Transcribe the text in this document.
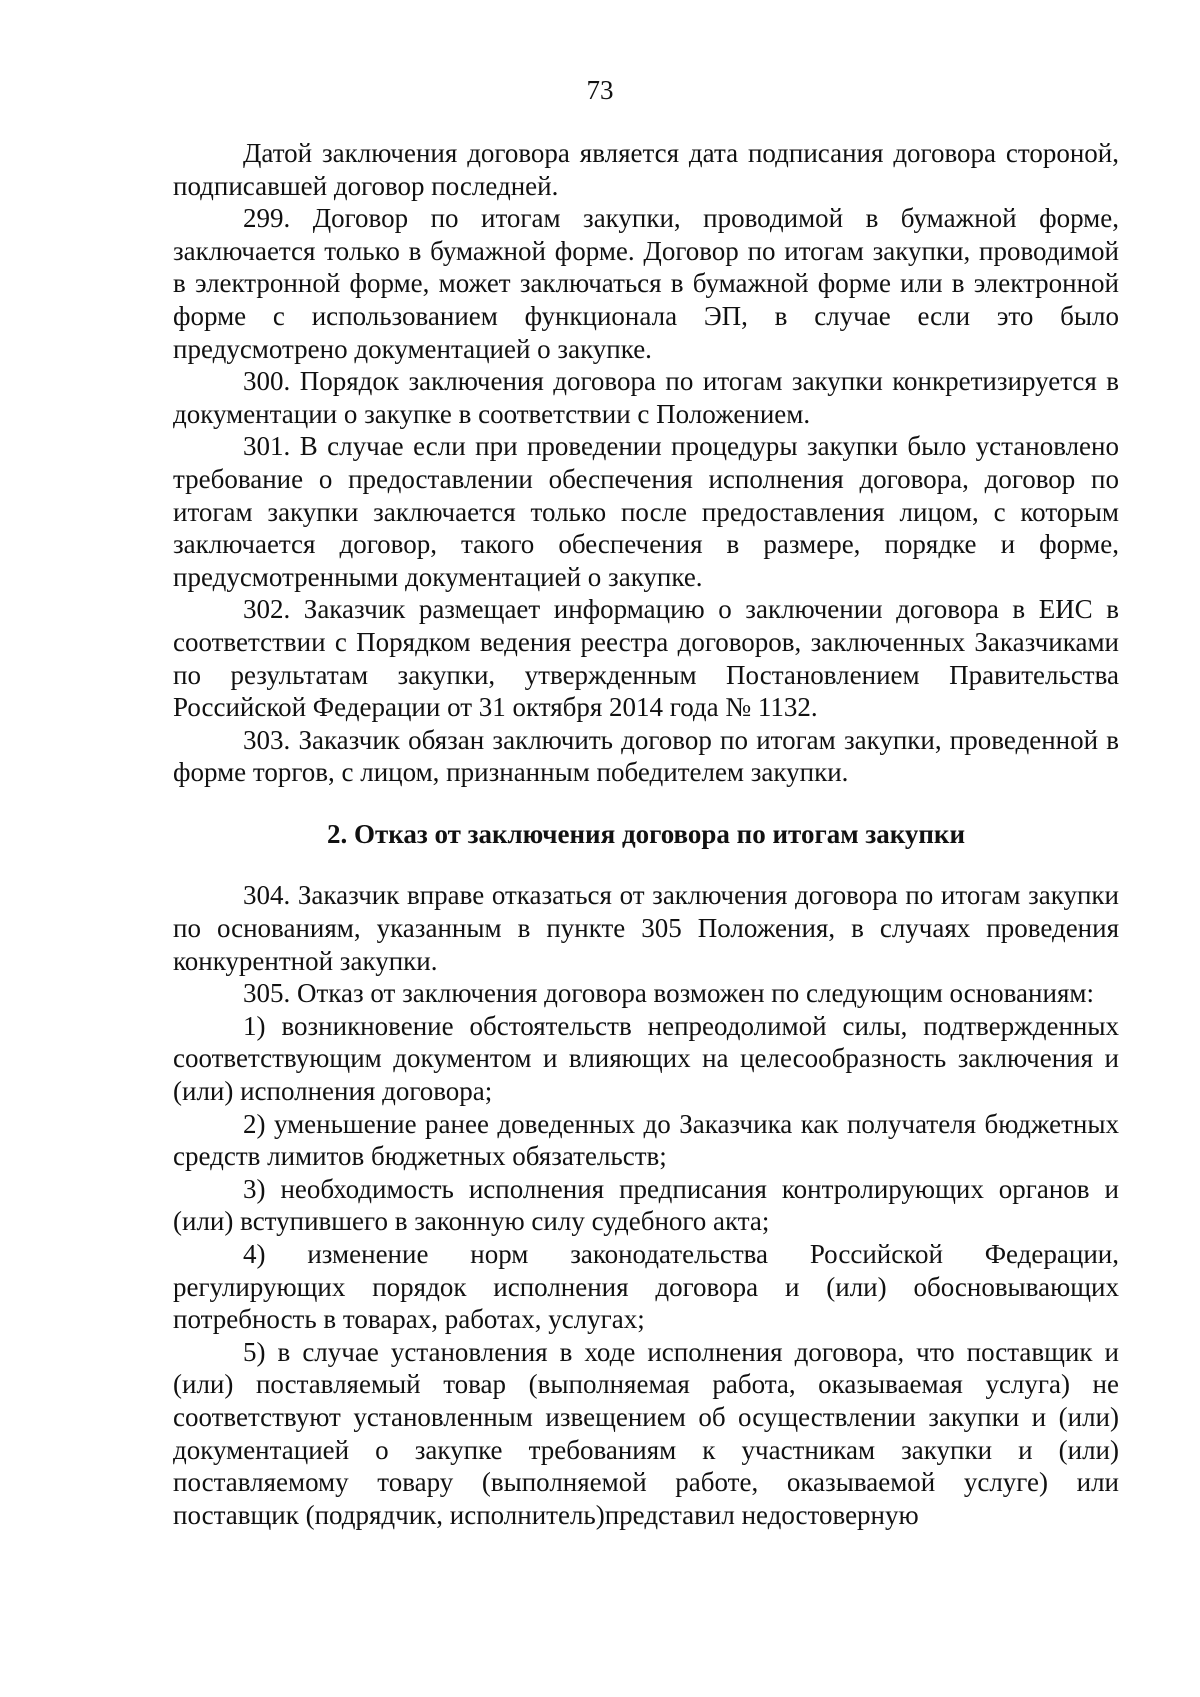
73

Датой заключения договора является дата подписания договора стороной, подписавшей договор последней.

299. Договор по итогам закупки, проводимой в бумажной форме, заключается только в бумажной форме. Договор по итогам закупки, проводимой в электронной форме, может заключаться в бумажной форме или в электронной форме с использованием функционала ЭП, в случае если это было предусмотрено документацией о закупке.

300. Порядок заключения договора по итогам закупки конкретизируется в документации о закупке в соответствии с Положением.

301. В случае если при проведении процедуры закупки было установлено требование о предоставлении обеспечения исполнения договора, договор по итогам закупки заключается только после предоставления лицом, с которым заключается договор, такого обеспечения в размере, порядке и форме, предусмотренными документацией о закупке.

302. Заказчик размещает информацию о заключении договора в ЕИС в соответствии с Порядком ведения реестра договоров, заключенных Заказчиками по результатам закупки, утвержденным Постановлением Правительства Российской Федерации от 31 октября 2014 года № 1132.

303. Заказчик обязан заключить договор по итогам закупки, проведенной в форме торгов, с лицом, признанным победителем закупки.

2. Отказ от заключения договора по итогам закупки

304. Заказчик вправе отказаться от заключения договора по итогам закупки по основаниям, указанным в пункте 305 Положения, в случаях проведения конкурентной закупки.

305. Отказ от заключения договора возможен по следующим основаниям:

1) возникновение обстоятельств непреодолимой силы, подтвержденных соответствующим документом и влияющих на целесообразность заключения и (или) исполнения договора;

2) уменьшение ранее доведенных до Заказчика как получателя бюджетных средств лимитов бюджетных обязательств;

3) необходимость исполнения предписания контролирующих органов и (или) вступившего в законную силу судебного акта;

4) изменение норм законодательства Российской Федерации, регулирующих порядок исполнения договора и (или) обосновывающих потребность в товарах, работах, услугах;

5) в случае установления в ходе исполнения договора, что поставщик и (или) поставляемый товар (выполняемая работа, оказываемая услуга) не соответствуют установленным извещением об осуществлении закупки и (или) документацией о закупке требованиям к участникам закупки и (или) поставляемому товару (выполняемой работе, оказываемой услуге) или поставщик (подрядчик, исполнитель)представил недостоверную
